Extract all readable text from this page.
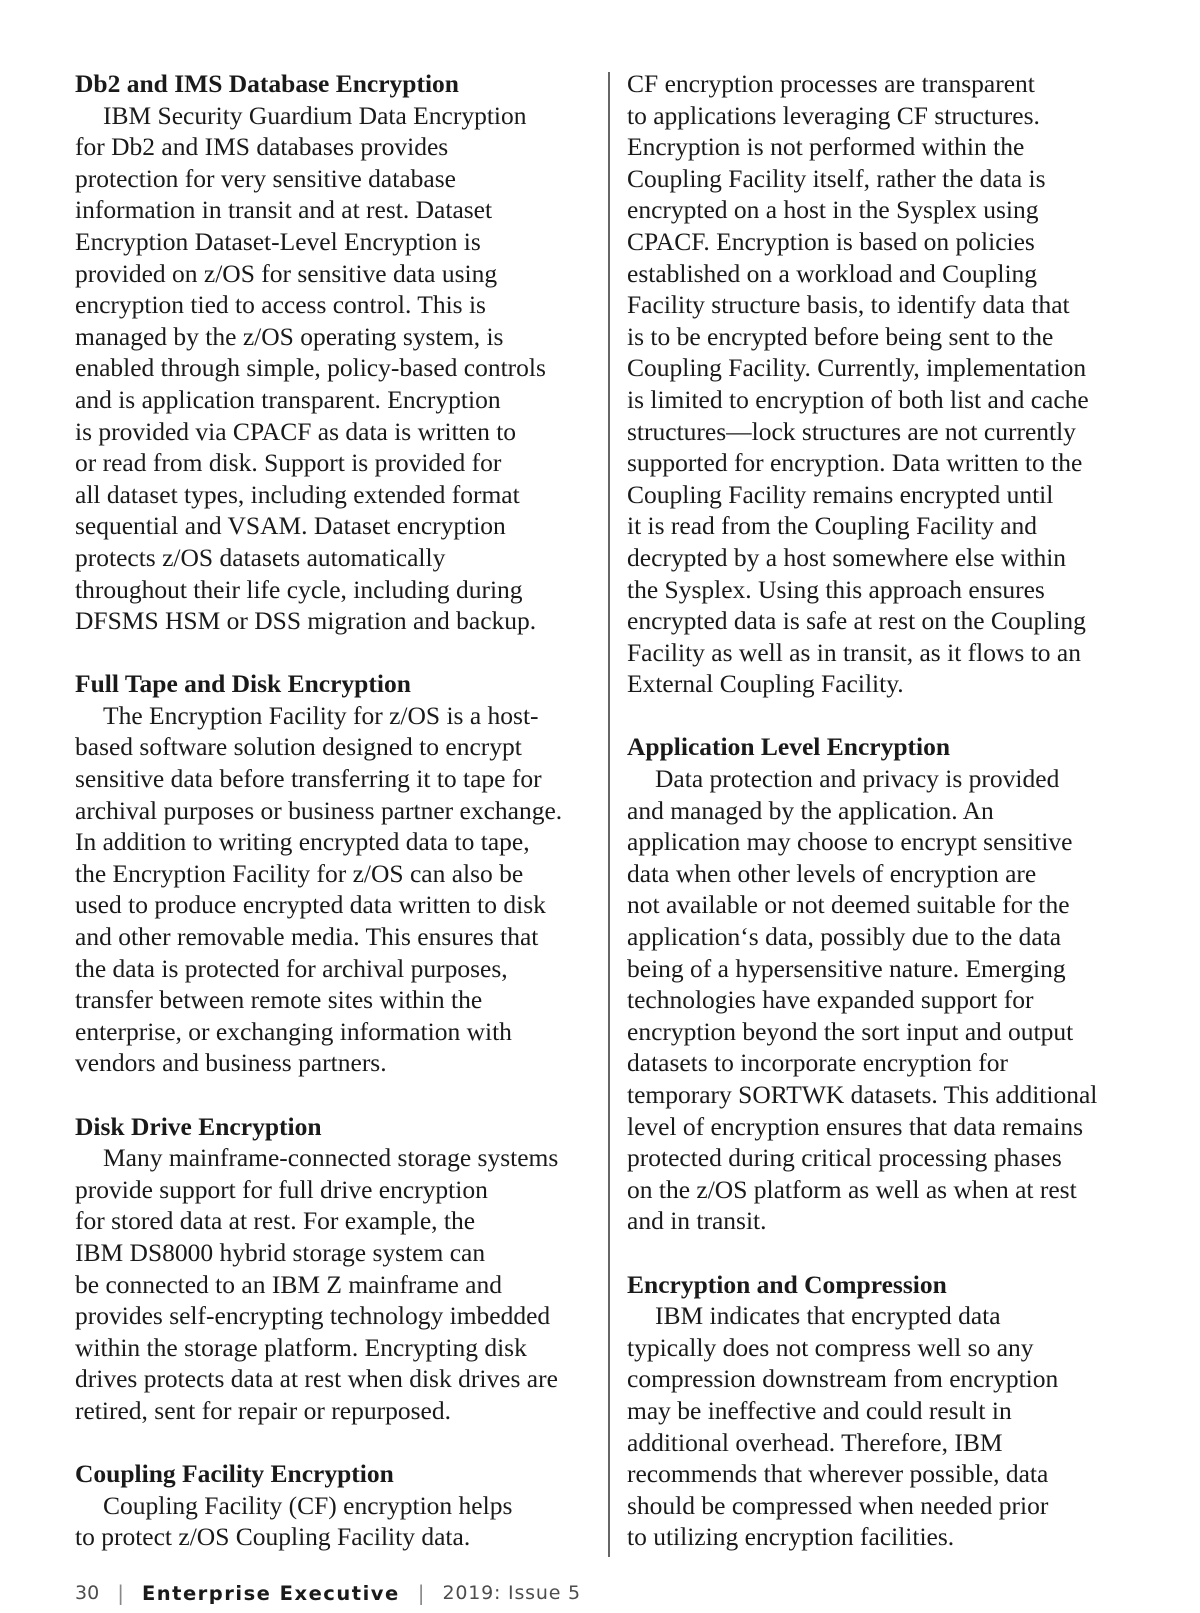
Db2 and IMS Database Encryption
IBM Security Guardium Data Encryption
for Db2 and IMS databases provides
protection for very sensitive database
information in transit and at rest. Dataset
Encryption Dataset-Level Encryption is
provided on z/OS for sensitive data using
encryption tied to access control. This is
managed by the z/OS operating system, is
enabled through simple, policy-based controls
and is application transparent. Encryption
is provided via CPACF as data is written to
or read from disk. Support is provided for
all dataset types, including extended format
sequential and VSAM. Dataset encryption
protects z/OS datasets automatically
throughout their life cycle, including during
DFSMS HSM or DSS migration and backup.
Full Tape and Disk Encryption
The Encryption Facility for z/OS is a host-
based software solution designed to encrypt
sensitive data before transferring it to tape for
archival purposes or business partner exchange.
In addition to writing encrypted data to tape,
the Encryption Facility for z/OS can also be
used to produce encrypted data written to disk
and other removable media. This ensures that
the data is protected for archival purposes,
transfer between remote sites within the
enterprise, or exchanging information with
vendors and business partners.
Disk Drive Encryption
Many mainframe-connected storage systems
provide support for full drive encryption
for stored data at rest. For example, the
IBM DS8000 hybrid storage system can
be connected to an IBM Z mainframe and
provides self-encrypting technology imbedded
within the storage platform. Encrypting disk
drives protects data at rest when disk drives are
retired, sent for repair or repurposed.
Coupling Facility Encryption
Coupling Facility (CF) encryption helps
to protect z/OS Coupling Facility data.
CF encryption processes are transparent
to applications leveraging CF structures.
Encryption is not performed within the
Coupling Facility itself, rather the data is
encrypted on a host in the Sysplex using
CPACF. Encryption is based on policies
established on a workload and Coupling
Facility structure basis, to identify data that
is to be encrypted before being sent to the
Coupling Facility. Currently, implementation
is limited to encryption of both list and cache
structures—lock structures are not currently
supported for encryption. Data written to the
Coupling Facility remains encrypted until
it is read from the Coupling Facility and
decrypted by a host somewhere else within
the Sysplex. Using this approach ensures
encrypted data is safe at rest on the Coupling
Facility as well as in transit, as it flows to an
External Coupling Facility.
Application Level Encryption
Data protection and privacy is provided
and managed by the application. An
application may choose to encrypt sensitive
data when other levels of encryption are
not available or not deemed suitable for the
application‘s data, possibly due to the data
being of a hypersensitive nature. Emerging
technologies have expanded support for
encryption beyond the sort input and output
datasets to incorporate encryption for
temporary SORTWK datasets. This additional
level of encryption ensures that data remains
protected during critical processing phases
on the z/OS platform as well as when at rest
and in transit.
Encryption and Compression
IBM indicates that encrypted data
typically does not compress well so any
compression downstream from encryption
may be ineffective and could result in
additional overhead. Therefore, IBM
recommends that wherever possible, data
should be compressed when needed prior
to utilizing encryption facilities.
30 | Enterprise Executive | 2019: Issue 5
